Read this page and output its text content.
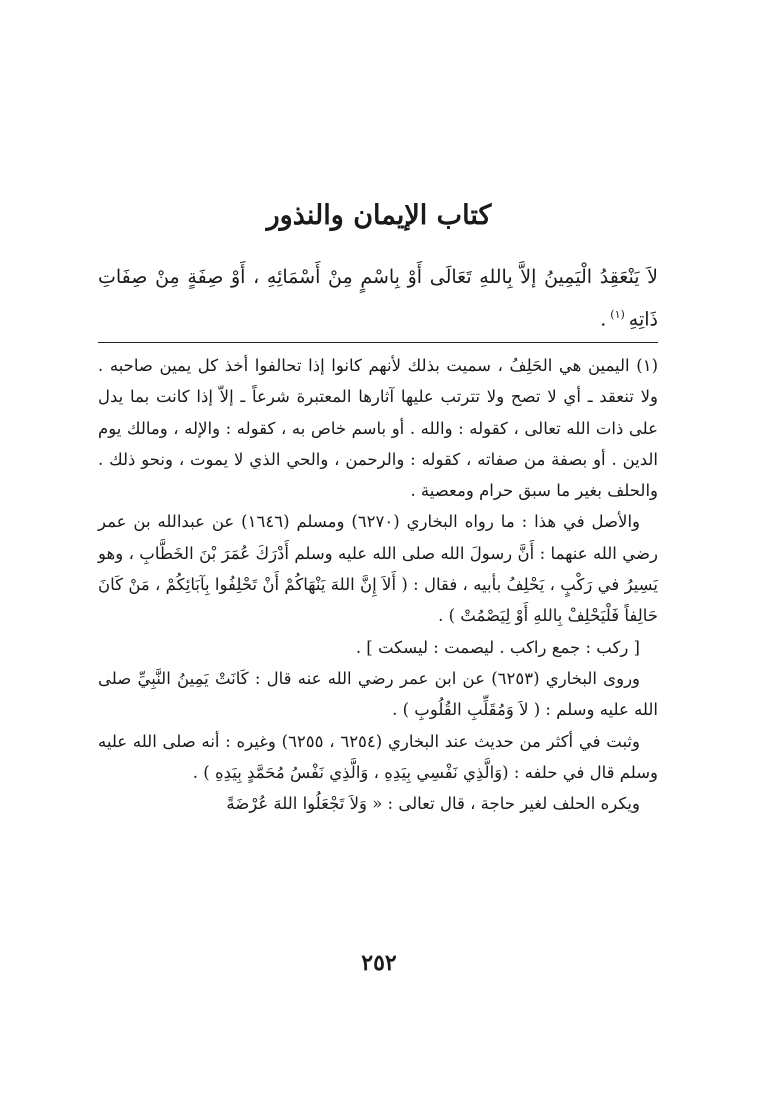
كتاب الإيمان والنذور

لاَ يَنْعَقِدُ الْيَمِينُ إلاَّ بِاللهِ تَعَالَى أَوْ بِاسْمٍ مِنْ أَسْمَائِهِ ، أَوْ صِفَةٍ مِنْ صِفَاتِ ذَاتِهِ$^{(١)}$.

(١) اليمين هي الحَلِفُ ، سميت بذلك لأنهم كانوا إذا تحالفوا أخذ كل يمين صاحبه . ولا تنعقد ـ أي لا تصح ولا تترتب عليها آثارها المعتبرة شرعاً ـ إلاّ إذا كانت بما يدل على ذات الله تعالى ، كقوله : والله . أو باسم خاص به ، كقوله : والإله ، ومالك يوم الدين . أو بصفة من صفاته ، كقوله : والرحمن ، والحي الذي لا يموت ، ونحو ذلك . والحلف بغير ما سبق حرام ومعصية .

والأصل في هذا : ما رواه البخاري (٦٢٧٠) ومسلم (١٦٤٦) عن عبدالله بن عمر رضي الله عنهما : أَنَّ رسولَ الله صلى الله عليه وسلم أَدْرَكَ عُمَرَ بْنَ الخَطَّابِ ، وهو يَسِيرُ في رَكْبٍ ، يَحْلِفُ بأبيه ، فقال : ( أَلاَ إِنَّ اللهَ يَنْهَاكُمْ أَنْ تَحْلِفُوا بِآبَائِكُمْ ، مَنْ كَانَ حَالِفاً فَلْيَحْلِفْ بِاللهِ أَوْ لِيَصْمُتْ ) .

[ ركب : جمع راكب . ليصمت : ليسكت ] .

وروى البخاري (٦٢٥٣) عن ابن عمر رضي الله عنه قال : كَانَتْ يَمِينُ النَّبِيِّ صلى الله عليه وسلم : ( لاَ وَمُقَلِّبِ القُلُوبِ ) .

وثبت في أكثر من حديث عند البخاري (٦٢٥٤ ، ٦٢٥٥) وغيره : أنه صلى الله عليه وسلم قال في حلفه : (وَالَّذِي نَفْسِي بِيَدِهِ ، وَالَّذِي نَفْسُ مُحَمَّدٍ بِيَدِهِ ) .

ويكره الحلف لغير حاجة ، قال تعالى : « وَلاَ تَجْعَلُوا اللهَ عُرْضَةً

٢٥٢
